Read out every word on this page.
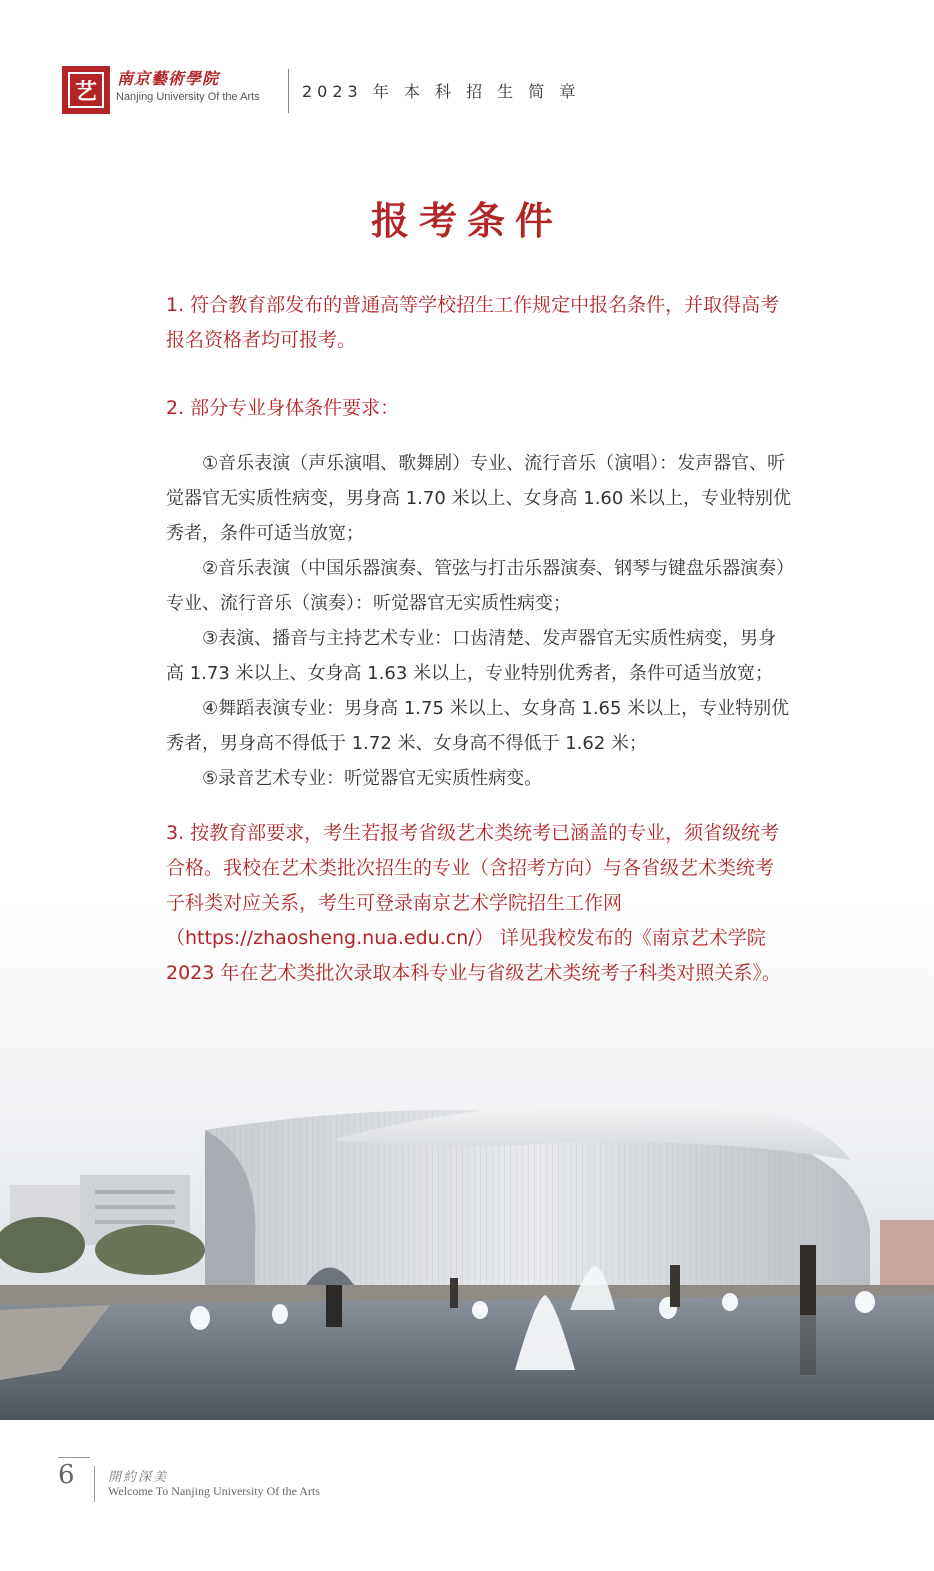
艺	南京藝術學院
Nanjing University Of the Arts	2023 年 本 科 招 生 简 章
报考条件

1. 符合教育部发布的普通高等学校招生工作规定中报名条件，并取得高考报名资格者均可报考。

2. 部分专业身体条件要求：

①音乐表演（声乐演唱、歌舞剧）专业、流行音乐（演唱）：发声器官、听觉器官无实质性病变，男身高 1.70 米以上、女身高 1.60 米以上，专业特别优秀者，条件可适当放宽；

②音乐表演（中国乐器演奏、管弦与打击乐器演奏、钢琴与键盘乐器演奏）专业、流行音乐（演奏）：听觉器官无实质性病变；

③表演、播音与主持艺术专业：口齿清楚、发声器官无实质性病变，男身高 1.73 米以上、女身高 1.63 米以上，专业特别优秀者，条件可适当放宽；

④舞蹈表演专业：男身高 1.75 米以上、女身高 1.65 米以上，专业特别优秀者，男身高不得低于 1.72 米、女身高不得低于 1.62 米；

⑤录音艺术专业：听觉器官无实质性病变。

3. 按教育部要求，考生若报考省级艺术类统考已涵盖的专业，须省级统考合格。我校在艺术类批次招生的专业（含招考方向）与各省级艺术类统考子科类对应关系，考生可登录南京艺术学院招生工作网（https://zhaosheng.nua.edu.cn/） 详见我校发布的《南京艺术学院 2023 年在艺术类批次录取本科专业与省级艺术类统考子科类对照关系》。

6	開約深美
Welcome To Nanjing University Of the Arts
